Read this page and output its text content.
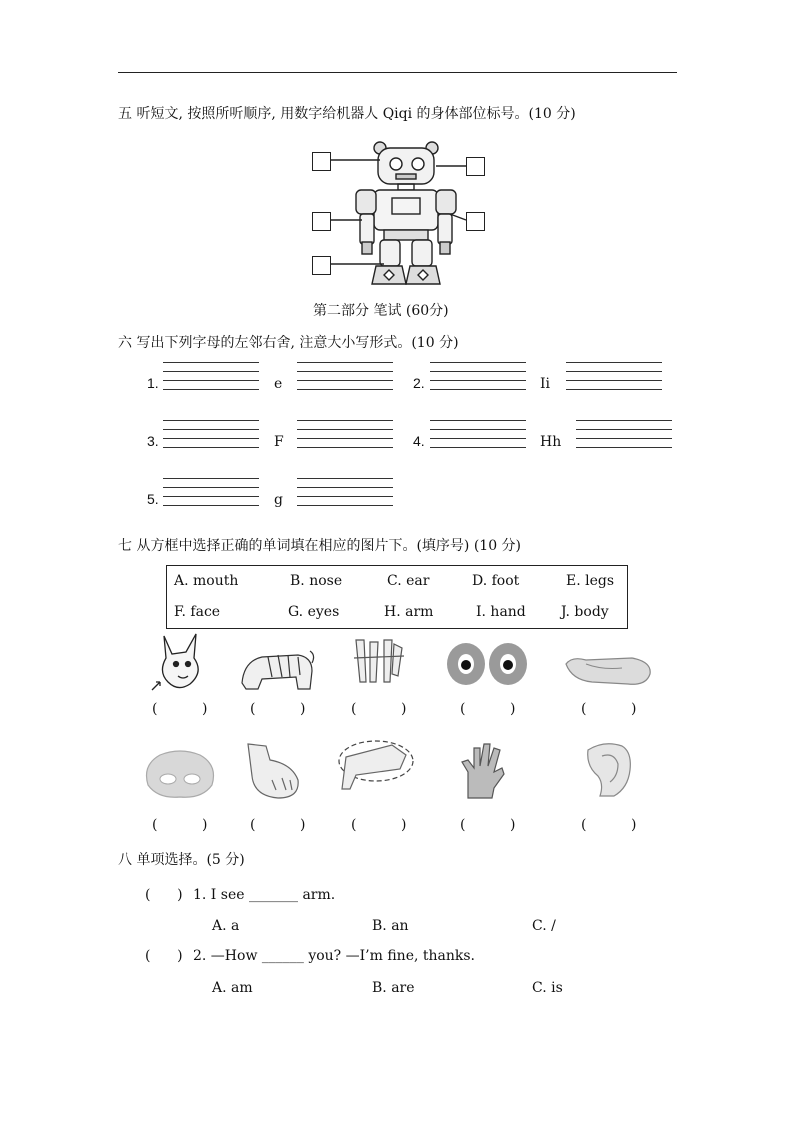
五 听短文, 按照所听顺序, 用数字给机器人 Qiqi 的身体部位标号。(10 分)
第二部分 笔试 (60分)
六 写出下列字母的左邻右舍, 注意大小写形式。(10 分)
1.	e	2.	Ii
3.	F	4.	Hh
5.	g
七 从方框中选择正确的单词填在相应的图片下。(填序号) (10 分)
A. mouth	B. nose	C. ear	D. foot	E. legs
F. face	G. eyes	H. arm	I. hand	J. body
(          )	(          )	(          )	(          )	(          )
(          )	(          )	(          )	(          )	(          )
八 单项选择。(5 分)
(      ) 1. I see _______ arm.
A. a	B. an	C. /
(      ) 2. —How ______ you? —I’m fine, thanks.
A. am	B. are	C. is
